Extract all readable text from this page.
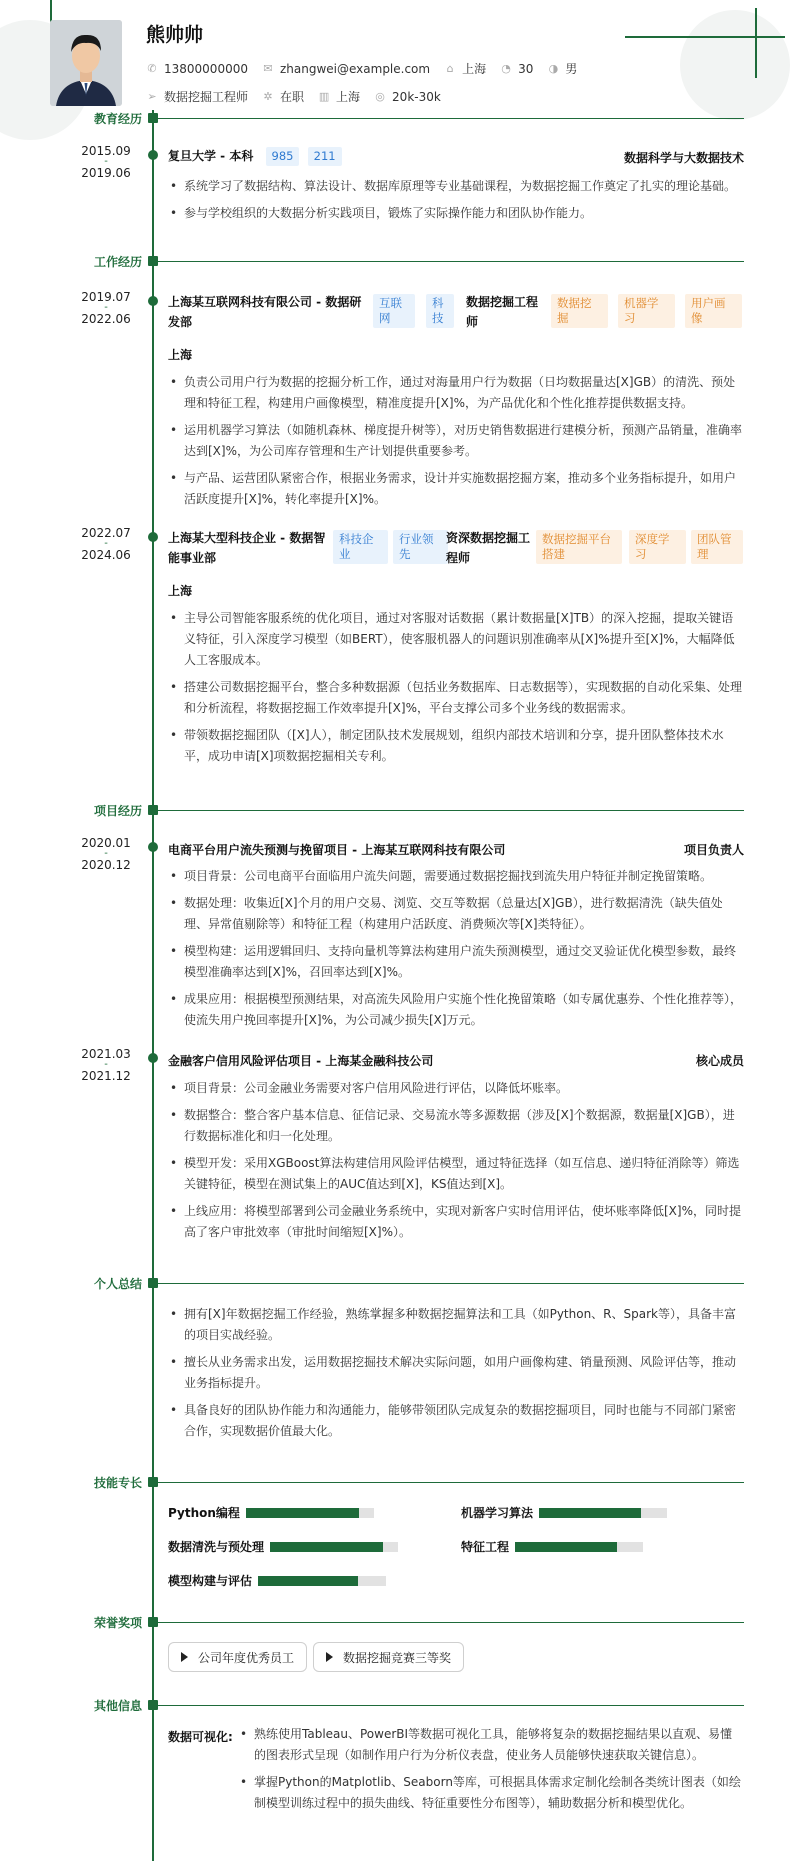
熊帅帅
✆ 13800000000 ✉ zhangwei@example.com ⌂ 上海 ◔ 30 ◑ 男
➢ 数据挖掘工程师 ✲ 在职 ▥ 上海 ◎ 20k-30k
教育经历
2015.09
-
2019.06
复旦大学 - 本科 985 211	数据科学与大数据技术
• 系统学习了数据结构、算法设计、数据库原理等专业基础课程，为数据挖掘工作奠定了扎实的理论基础。
• 参与学校组织的大数据分析实践项目，锻炼了实际操作能力和团队协作能力。
工作经历
2019.07
-
2022.06
上海某互联网科技有限公司 - 数据研发部
互联网
科技
数据挖掘工程师
数据挖掘
机器学习
用户画像
上海
• 负责公司用户行为数据的挖掘分析工作，通过对海量用户行为数据（日均数据量达[X]GB）的清洗、预处理和特征工程，构建用户画像模型，精准度提升[X]%，为产品优化和个性化推荐提供数据支持。
• 运用机器学习算法（如随机森林、梯度提升树等），对历史销售数据进行建模分析，预测产品销量，准确率达到[X]%，为公司库存管理和生产计划提供重要参考。
• 与产品、运营团队紧密合作，根据业务需求，设计并实施数据挖掘方案，推动多个业务指标提升，如用户活跃度提升[X]%，转化率提升[X]%。
2022.07
-
2024.06
上海某大型科技企业 - 数据智能事业部
科技企业
行业领先
资深数据挖掘工程师
数据挖掘平台搭建
深度学习
团队管理
上海
• 主导公司智能客服系统的优化项目，通过对客服对话数据（累计数据量[X]TB）的深入挖掘，提取关键语义特征，引入深度学习模型（如BERT），使客服机器人的问题识别准确率从[X]%提升至[X]%，大幅降低人工客服成本。
• 搭建公司数据挖掘平台，整合多种数据源（包括业务数据库、日志数据等），实现数据的自动化采集、处理和分析流程，将数据挖掘工作效率提升[X]%，平台支撑公司多个业务线的数据需求。
• 带领数据挖掘团队（[X]人），制定团队技术发展规划，组织内部技术培训和分享，提升团队整体技术水平，成功申请[X]项数据挖掘相关专利。
项目经历
2020.01
-
2020.12
电商平台用户流失预测与挽留项目 - 上海某互联网科技有限公司	项目负责人
• 项目背景：公司电商平台面临用户流失问题，需要通过数据挖掘找到流失用户特征并制定挽留策略。
• 数据处理：收集近[X]个月的用户交易、浏览、交互等数据（总量达[X]GB），进行数据清洗（缺失值处理、异常值剔除等）和特征工程（构建用户活跃度、消费频次等[X]类特征）。
• 模型构建：运用逻辑回归、支持向量机等算法构建用户流失预测模型，通过交叉验证优化模型参数，最终模型准确率达到[X]%，召回率达到[X]%。
• 成果应用：根据模型预测结果，对高流失风险用户实施个性化挽留策略（如专属优惠券、个性化推荐等），使流失用户挽回率提升[X]%，为公司减少损失[X]万元。
2021.03
-
2021.12
金融客户信用风险评估项目 - 上海某金融科技公司	核心成员
• 项目背景：公司金融业务需要对客户信用风险进行评估，以降低坏账率。
• 数据整合：整合客户基本信息、征信记录、交易流水等多源数据（涉及[X]个数据源，数据量[X]GB），进行数据标准化和归一化处理。
• 模型开发：采用XGBoost算法构建信用风险评估模型，通过特征选择（如互信息、递归特征消除等）筛选关键特征，模型在测试集上的AUC值达到[X]，KS值达到[X]。
• 上线应用：将模型部署到公司金融业务系统中，实现对新客户实时信用评估，使坏账率降低[X]%，同时提高了客户审批效率（审批时间缩短[X]%）。
个人总结
• 拥有[X]年数据挖掘工作经验，熟练掌握多种数据挖掘算法和工具（如Python、R、Spark等），具备丰富的项目实战经验。
• 擅长从业务需求出发，运用数据挖掘技术解决实际问题，如用户画像构建、销量预测、风险评估等，推动业务指标提升。
• 具备良好的团队协作能力和沟通能力，能够带领团队完成复杂的数据挖掘项目，同时也能与不同部门紧密合作，实现数据价值最大化。
技能专长
Python编程	机器学习算法
数据清洗与预处理	特征工程
模型构建与评估
荣誉奖项
公司年度优秀员工	数据挖掘竞赛三等奖
其他信息
数据可视化:
•	熟练使用Tableau、PowerBI等数据可视化工具，能够将复杂的数据挖掘结果以直观、易懂的图表形式呈现（如制作用户行为分析仪表盘，使业务人员能够快速获取关键信息）。
• 掌握Python的Matplotlib、Seaborn等库，可根据具体需求定制化绘制各类统计图表（如绘制模型训练过程中的损失曲线、特征重要性分布图等），辅助数据分析和模型优化。
